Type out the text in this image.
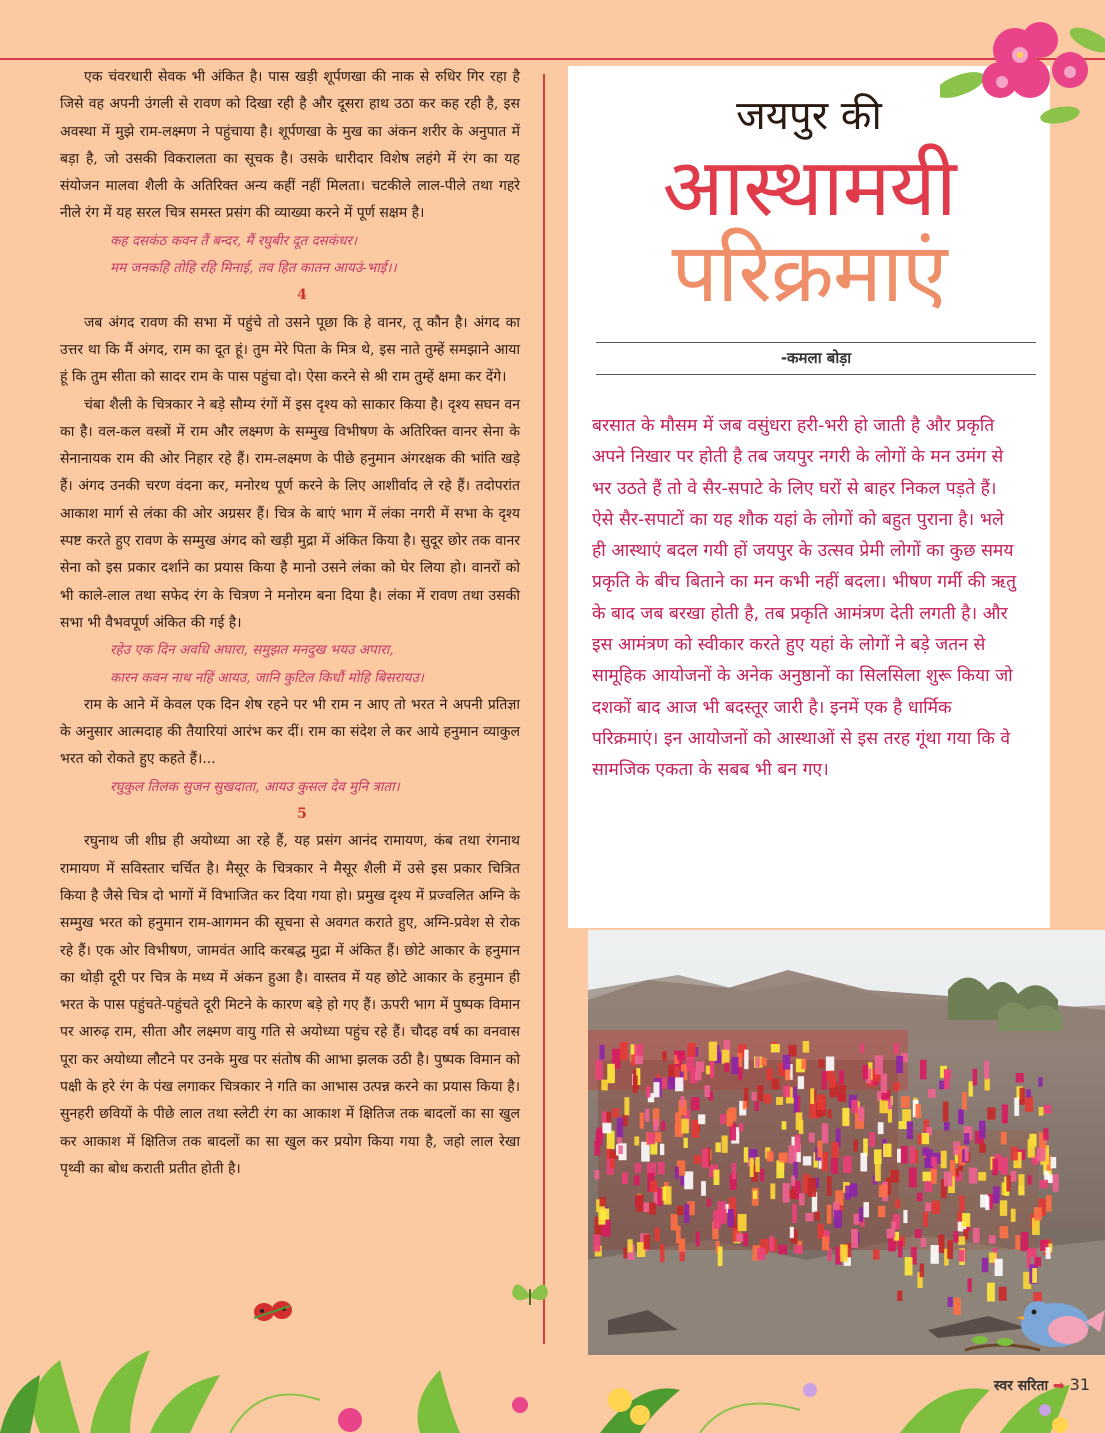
एक चंवरधारी सेवक भी अंकित है। पास खड़ी शूर्पणखा की नाक से रुधिर गिर रहा है जिसे वह अपनी उंगली से रावण को दिखा रही है और दूसरा हाथ उठा कर कह रही है, इस अवस्था में मुझे राम-लक्ष्मण ने पहुंचाया है। शूर्पणखा के मुख का अंकन शरीर के अनुपात में बड़ा है, जो उसकी विकरालता का सूचक है। उसके धारीदार विशेष लहंगे में रंग का यह संयोजन मालवा शैली के अतिरिक्त अन्य कहीं नहीं मिलता। चटकीले लाल-पीले तथा गहरे नीले रंग में यह सरल चित्र समस्त प्रसंग की व्याख्या करने में पूर्ण सक्षम है।

कह दसकंठ कवन तैं बन्दर, मैं रघुबीर दूत दसकंधर।

मम जनकहि तोहि रहि मिनाई, तव हित कातन आयउं-भाई।।

4

जब अंगद रावण की सभा में पहुंचे तो उसने पूछा कि हे वानर, तू कौन है। अंगद का उत्तर था कि मैं अंगद, राम का दूत हूं। तुम मेरे पिता के मित्र थे, इस नाते तुम्हें समझाने आया हूं कि तुम सीता को सादर राम के पास पहुंचा दो। ऐसा करने से श्री राम तुम्हें क्षमा कर देंगे।

चंबा शैली के चित्रकार ने बड़े सौम्य रंगों में इस दृश्य को साकार किया है। दृश्य सघन वन का है। वल-कल वस्त्रों में राम और लक्ष्मण के सम्मुख विभीषण के अतिरिक्त वानर सेना के सेनानायक राम की ओर निहार रहे हैं। राम-लक्ष्मण के पीछे हनुमान अंगरक्षक की भांति खड़े हैं। अंगद उनकी चरण वंदना कर, मनोरथ पूर्ण करने के लिए आशीर्वाद ले रहे हैं। तदोपरांत आकाश मार्ग से लंका की ओर अग्रसर हैं। चित्र के बाएं भाग में लंका नगरी में सभा के दृश्य स्पष्ट करते हुए रावण के सम्मुख अंगद को खड़ी मुद्रा में अंकित किया है। सुदूर छोर तक वानर सेना को इस प्रकार दर्शाने का प्रयास किया है मानो उसने लंका को घेर लिया हो। वानरों को भी काले-लाल तथा सफेद रंग के चित्रण ने मनोरम बना दिया है। लंका में रावण तथा उसकी सभा भी वैभवपूर्ण अंकित की गई है।

रहेउ एक दिन अवधि अघारा, समुझत मनदुख भयउ अपारा,

कारन कवन नाथ नहिं आयउ, जानि कुटिल किधौं मोहि बिसरायउ।

राम के आने में केवल एक दिन शेष रहने पर भी राम न आए तो भरत ने अपनी प्रतिज्ञा के अनुसार आत्मदाह की तैयारियां आरंभ कर दीं। राम का संदेश ले कर आये हनुमान व्याकुल भरत को रोकते हुए कहते हैं।...

रघुकुल तिलक सुजन सुखदाता, आयउ कुसल देव मुनि त्राता।

5

रघुनाथ जी शीघ्र ही अयोध्या आ रहे हैं, यह प्रसंग आनंद रामायण, कंब तथा रंगनाथ रामायण में सविस्तार चर्चित है। मैसूर के चित्रकार ने मैसूर शैली में उसे इस प्रकार चित्रित किया है जैसे चित्र दो भागों में विभाजित कर दिया गया हो। प्रमुख दृश्य में प्रज्वलित अग्नि के सम्मुख भरत को हनुमान राम-आगमन की सूचना से अवगत कराते हुए, अग्नि-प्रवेश से रोक रहे हैं। एक ओर विभीषण, जामवंत आदि करबद्ध मुद्रा में अंकित हैं। छोटे आकार के हनुमान का थोड़ी दूरी पर चित्र के मध्य में अंकन हुआ है। वास्तव में यह छोटे आकार के हनुमान ही भरत के पास पहुंचते-पहुंचते दूरी मिटने के कारण बड़े हो गए हैं। ऊपरी भाग में पुष्पक विमान पर आरुढ़ राम, सीता और लक्ष्मण वायु गति से अयोध्या पहुंच रहे हैं। चौदह वर्ष का वनवास पूरा कर अयोध्या लौटने पर उनके मुख पर संतोष की आभा झलक उठी है। पुष्पक विमान को पक्षी के हरे रंग के पंख लगाकर चित्रकार ने गति का आभास उत्पन्न करने का प्रयास किया है। सुनहरी छवियों के पीछे लाल तथा स्लेटी रंग का आकाश में क्षितिज तक बादलों का सा खुल कर आकाश में क्षितिज तक बादलों का सा खुल कर प्रयोग किया गया है, जहो लाल रेखा पृथ्वी का बोध कराती प्रतीत होती है।

जयपुर की
आस्थामयी
परिक्रमाएं
-कमला बोड़ा
बरसात के मौसम में जब वसुंधरा हरी-भरी हो जाती है और प्रकृति अपने निखार पर होती है तब जयपुर नगरी के लोगों के मन उमंग से भर उठते हैं तो वे सैर-सपाटे के लिए घरों से बाहर निकल पड़ते हैं। ऐसे सैर-सपाटों का यह शौक यहां के लोगों को बहुत पुराना है। भले ही आस्थाएं बदल गयी हों जयपुर के उत्सव प्रेमी लोगों का कुछ समय प्रकृति के बीच बिताने का मन कभी नहीं बदला। भीषण गर्मी की ऋतु के बाद जब बरखा होती है, तब प्रकृति आमंत्रण देती लगती है। और इस आमंत्रण को स्वीकार करते हुए यहां के लोगों ने बड़े जतन से सामूहिक आयोजनों के अनेक अनुष्ठानों का सिलसिला शुरू किया जो दशकों बाद आज भी बदस्तूर जारी है। इनमें एक है धार्मिक परिक्रमाएं। इन आयोजनों को आस्थाओं से इस तरह गूंथा गया कि वे सामजिक एकता के सबब भी बन गए।
स्वर सरिता ➡ 31
